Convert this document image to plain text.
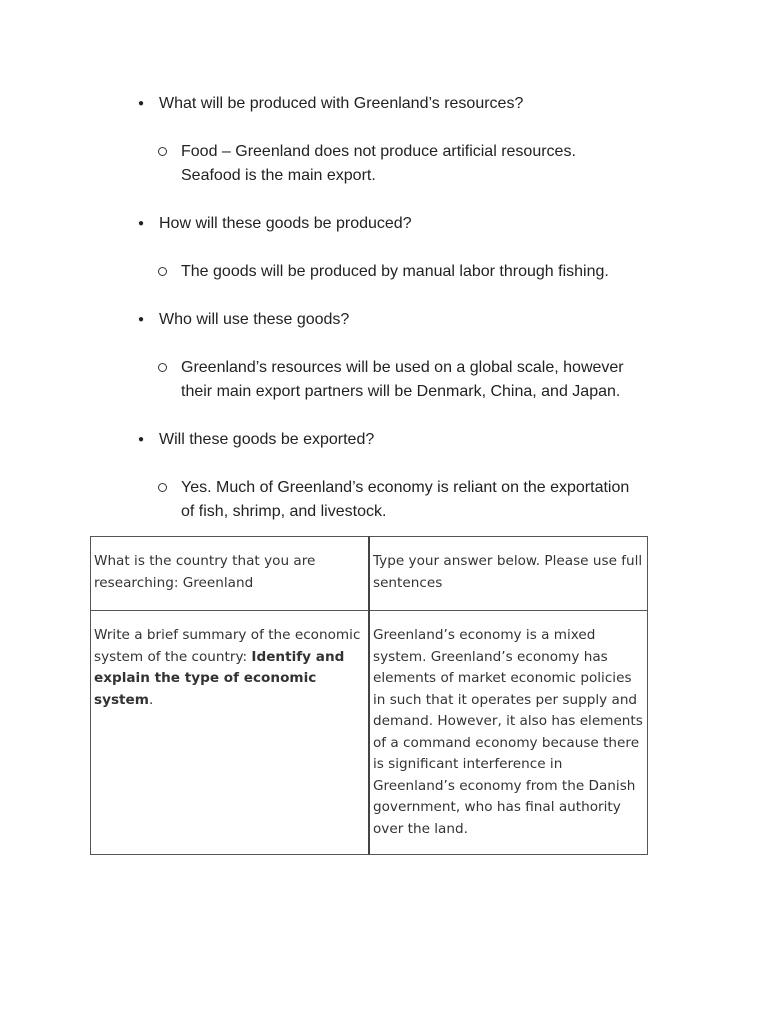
● What will be produced with Greenland’s resources?
Food – Greenland does not produce artificial resources.
Seafood is the main export.
● How will these goods be produced?
The goods will be produced by manual labor through fishing.
● Who will use these goods?
Greenland’s resources will be used on a global scale, however
their main export partners will be Denmark, China, and Japan.
● Will these goods be exported?
Yes. Much of Greenland’s economy is reliant on the exportation
of fish, shrimp, and livestock.
What is the country that you are researching: Greenland	Type your answer below. Please use full sentences
Write a brief summary of the economic system of the country: Identify and explain the type of economic system.	Greenland’s economy is a mixed system. Greenland’s economy has elements of market economic policies in such that it operates per supply and demand. However, it also has elements of a command economy because there is significant interference in Greenland’s economy from the Danish government, who has final authority over the land.
